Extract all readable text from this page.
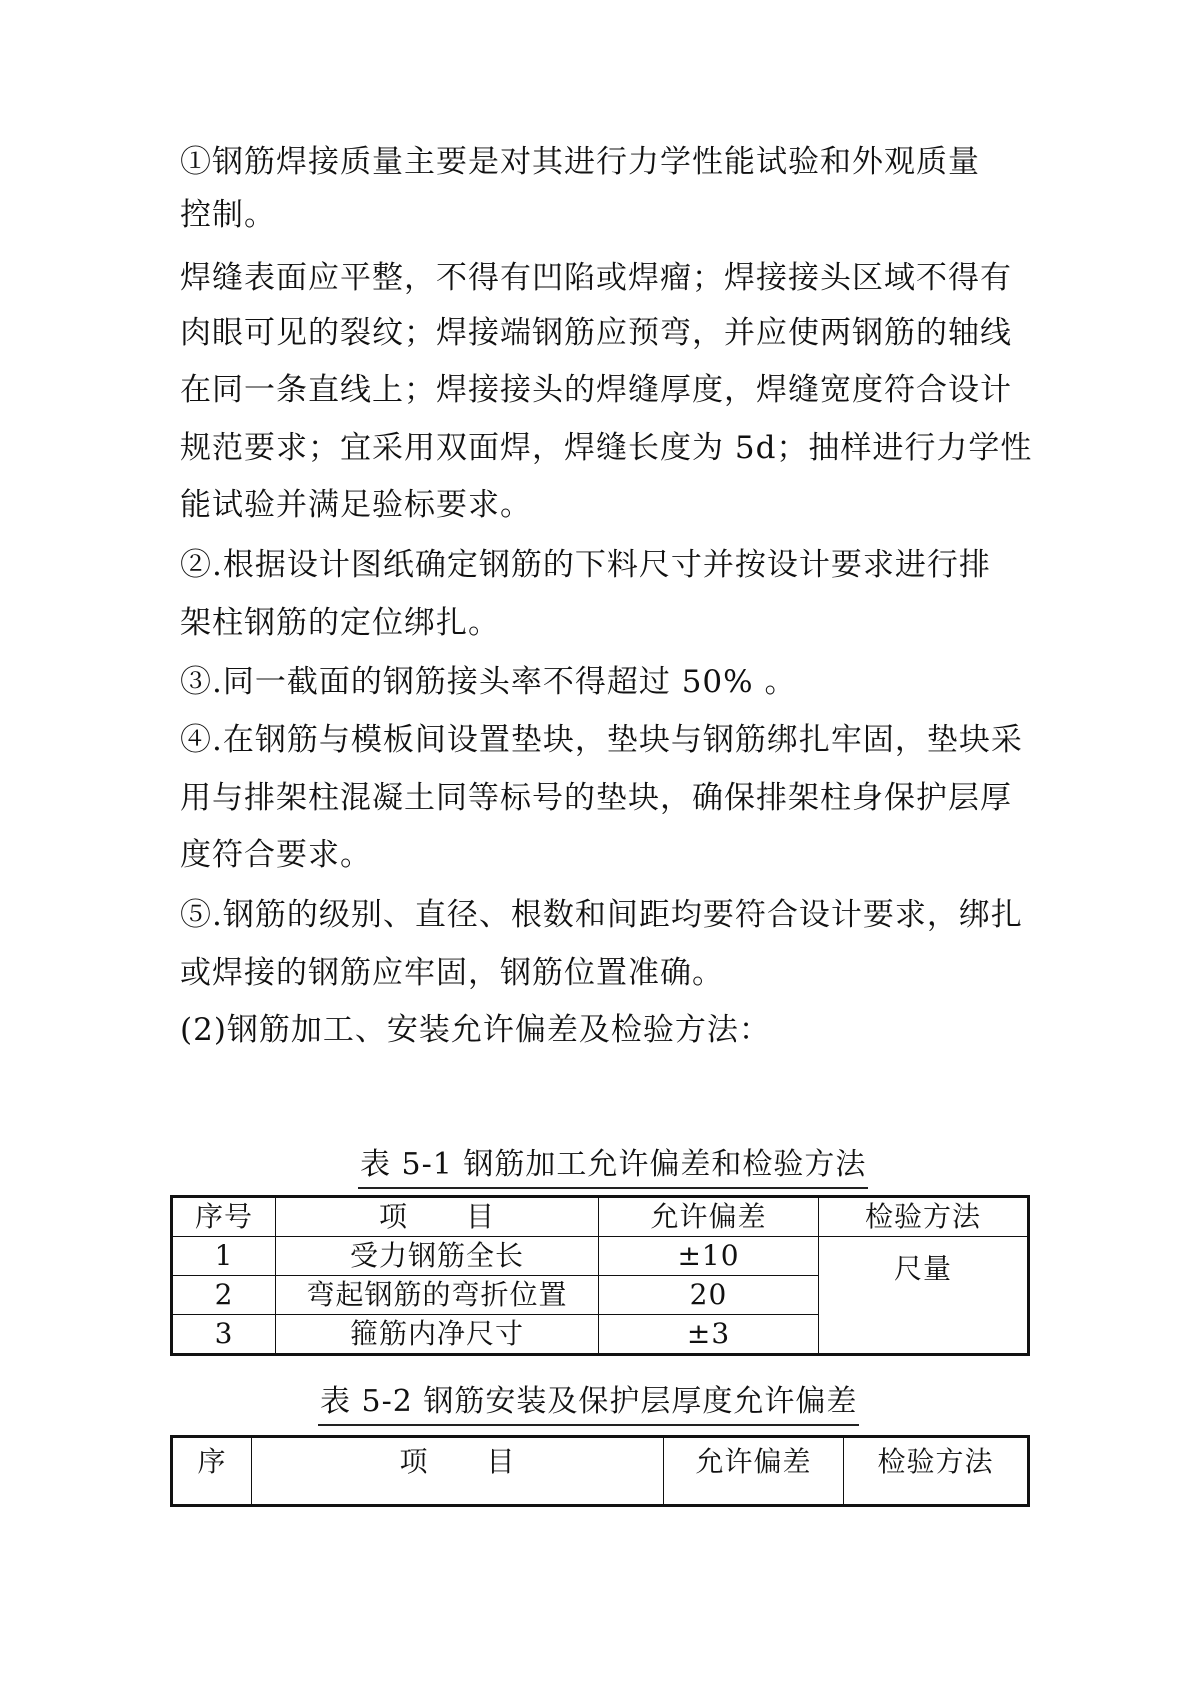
①钢筋焊接质量主要是对其进行力学性能试验和外观质量
控制。
焊缝表面应平整，不得有凹陷或焊瘤；焊接接头区域不得有
肉眼可见的裂纹；焊接端钢筋应预弯，并应使两钢筋的轴线
在同一条直线上；焊接接头的焊缝厚度，焊缝宽度符合设计
规范要求；宜采用双面焊，焊缝长度为 5d；抽样进行力学性
能试验并满足验标要求。
②.根据设计图纸确定钢筋的下料尺寸并按设计要求进行排
架柱钢筋的定位绑扎。
③.同一截面的钢筋接头率不得超过 50% 。
④.在钢筋与模板间设置垫块，垫块与钢筋绑扎牢固，垫块采
用与排架柱混凝土同等标号的垫块，确保排架柱身保护层厚
度符合要求。
⑤.钢筋的级别、直径、根数和间距均要符合设计要求，绑扎
或焊接的钢筋应牢固，钢筋位置准确。
(2)钢筋加工、安装允许偏差及检验方法：
表 5-1 钢筋加工允许偏差和检验方法
序号	项　　目	允许偏差	检验方法
1	受力钢筋全长	±10	尺量
2	弯起钢筋的弯折位置	20	
3	箍筋内净尺寸	±3	
表 5-2 钢筋安装及保护层厚度允许偏差
序	项　　目	允许偏差	检验方法
